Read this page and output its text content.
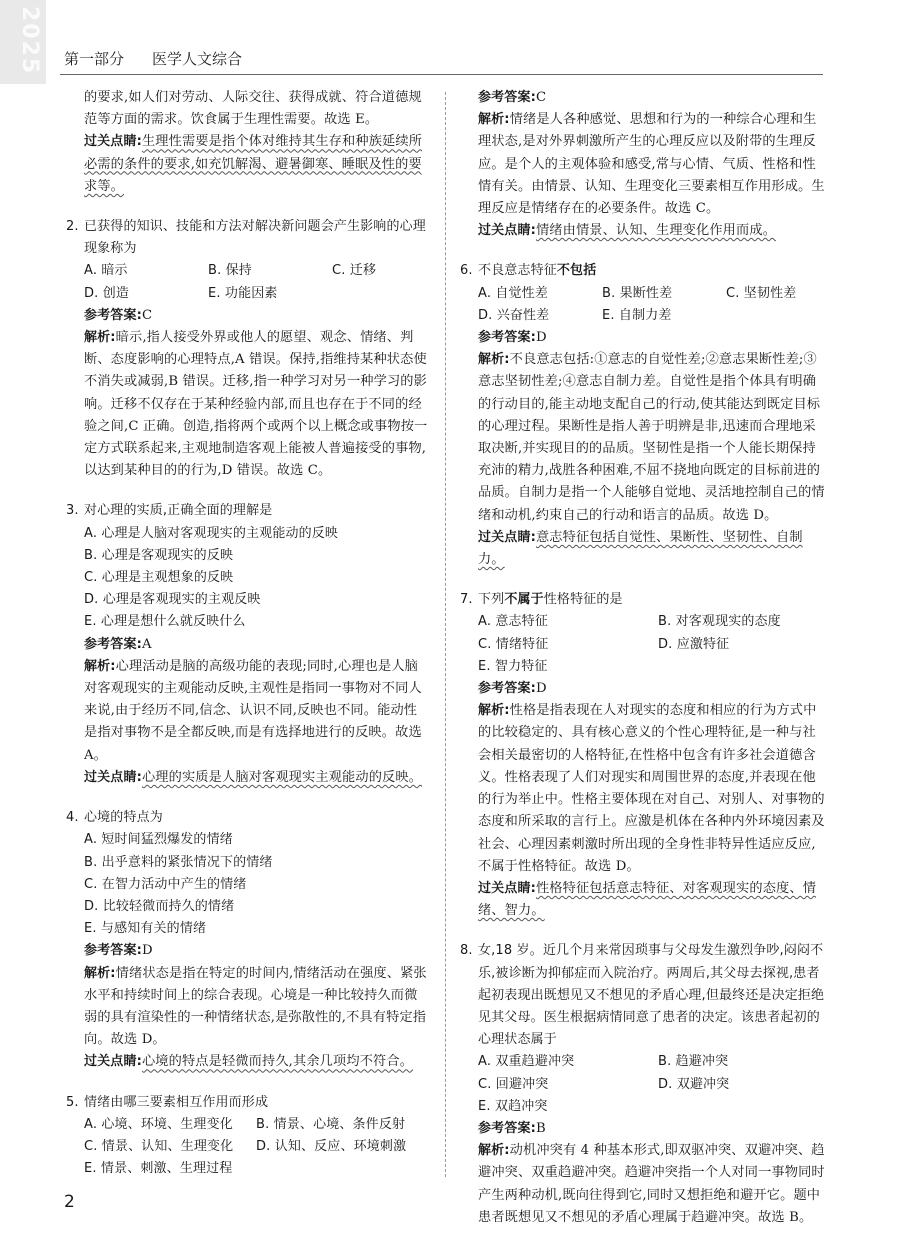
2025 第一部分 医学人文综合

的要求,如人们对劳动、人际交往、获得成就、符合道德规范等方面的需求。饮食属于生理性需要。故选 E。

过关点睛:生理性需要是指个体对维持其生存和种族延续所必需的条件的要求,如充饥解渴、避暑御寒、睡眠及性的要求等。

2. 已获得的知识、技能和方法对解决新问题会产生影响的心理现象称为
A. 暗示	B. 保持	C. 迁移
D. 创造	E. 功能因素

参考答案:C

解析:暗示,指人接受外界或他人的愿望、观念、情绪、判断、态度影响的心理特点,A 错误。保持,指维持某种状态使不消失或减弱,B 错误。迁移,指一种学习对另一种学习的影响。迁移不仅存在于某种经验内部,而且也存在于不同的经验之间,C 正确。创造,指将两个或两个以上概念或事物按一定方式联系起来,主观地制造客观上能被人普遍接受的事物,以达到某种目的的行为,D 错误。故选 C。

3. 对心理的实质,正确全面的理解是
A. 心理是人脑对客观现实的主观能动的反映
B. 心理是客观现实的反映
C. 心理是主观想象的反映
D. 心理是客观现实的主观反映
E. 心理是想什么就反映什么

参考答案:A

解析:心理活动是脑的高级功能的表现;同时,心理也是人脑对客观现实的主观能动反映,主观性是指同一事物对不同人来说,由于经历不同,信念、认识不同,反映也不同。能动性是指对事物不是全都反映,而是有选择地进行的反映。故选 A。

过关点睛:心理的实质是人脑对客观现实主观能动的反映。

4. 心境的特点为
A. 短时间猛烈爆发的情绪
B. 出乎意料的紧张情况下的情绪
C. 在智力活动中产生的情绪
D. 比较轻微而持久的情绪
E. 与感知有关的情绪

参考答案:D

解析:情绪状态是指在特定的时间内,情绪活动在强度、紧张水平和持续时间上的综合表现。心境是一种比较持久而微弱的具有渲染性的一种情绪状态,是弥散性的,不具有特定指向。故选 D。

过关点睛:心境的特点是轻微而持久,其余几项均不符合。

5. 情绪由哪三要素相互作用而形成
A. 心境、环境、生理变化	B. 情景、心境、条件反射
C. 情景、认知、生理变化	D. 认知、反应、环境刺激
E. 情景、刺激、生理过程

参考答案:C

解析:情绪是人各种感觉、思想和行为的一种综合心理和生理状态,是对外界刺激所产生的心理反应以及附带的生理反应。是个人的主观体验和感受,常与心情、气质、性格和性情有关。由情景、认知、生理变化三要素相互作用形成。生理反应是情绪存在的必要条件。故选 C。

过关点睛:情绪由情景、认知、生理变化作用而成。

6. 不良意志特征不包括
A. 自觉性差	B. 果断性差	C. 坚韧性差
D. 兴奋性差	E. 自制力差

参考答案:D

解析:不良意志包括:①意志的自觉性差;②意志果断性差;③意志坚韧性差;④意志自制力差。自觉性是指个体具有明确的行动目的,能主动地支配自己的行动,使其能达到既定目标的心理过程。果断性是指人善于明辨是非,迅速而合理地采取决断,并实现目的的品质。坚韧性是指一个人能长期保持充沛的精力,战胜各种困难,不屈不挠地向既定的目标前进的品质。自制力是指一个人能够自觉地、灵活地控制自己的情绪和动机,约束自己的行动和语言的品质。故选 D。

过关点睛:意志特征包括自觉性、果断性、坚韧性、自制力。

7. 下列不属于性格特征的是
A. 意志特征	B. 对客观现实的态度
C. 情绪特征	D. 应激特征
E. 智力特征

参考答案:D

解析:性格是指表现在人对现实的态度和相应的行为方式中的比较稳定的、具有核心意义的个性心理特征,是一种与社会相关最密切的人格特征,在性格中包含有许多社会道德含义。性格表现了人们对现实和周围世界的态度,并表现在他的行为举止中。性格主要体现在对自己、对别人、对事物的态度和所采取的言行上。应激是机体在各种内外环境因素及社会、心理因素刺激时所出现的全身性非特异性适应反应,不属于性格特征。故选 D。

过关点睛:性格特征包括意志特征、对客观现实的态度、情绪、智力。

8. 女,18 岁。近几个月来常因琐事与父母发生激烈争吵,闷闷不乐,被诊断为抑郁症而入院治疗。两周后,其父母去探视,患者起初表现出既想见又不想见的矛盾心理,但最终还是决定拒绝见其父母。医生根据病情同意了患者的决定。该患者起初的心理状态属于
A. 双重趋避冲突	B. 趋避冲突
C. 回避冲突	D. 双避冲突
E. 双趋冲突

参考答案:B

解析:动机冲突有 4 种基本形式,即双驱冲突、双避冲突、趋避冲突、双重趋避冲突。趋避冲突指一个人对同一事物同时产生两种动机,既向往得到它,同时又想拒绝和避开它。题中患者既想见又不想见的矛盾心理属于趋避冲突。故选 B。

2
